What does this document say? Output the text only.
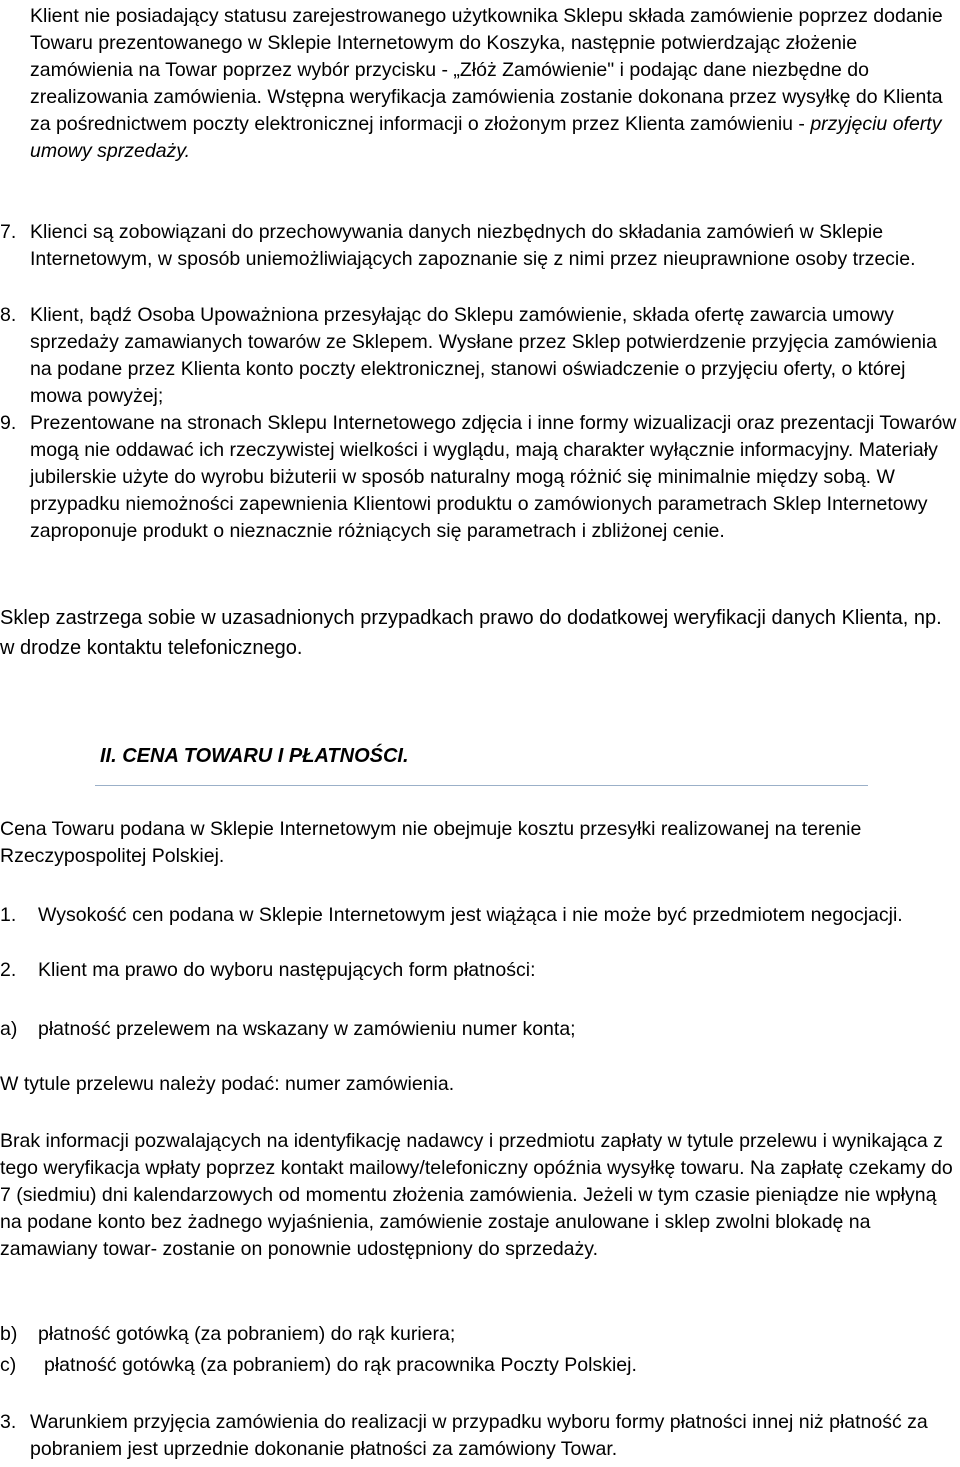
Klient nie posiadający statusu zarejestrowanego użytkownika Sklepu składa zamówienie poprzez dodanie Towaru prezentowanego w Sklepie Internetowym do Koszyka, następnie potwierdzając złożenie zamówienia na Towar poprzez wybór przycisku - „Złóż Zamówienie" i podając dane niezbędne do zrealizowania zamówienia. Wstępna weryfikacja zamówienia zostanie dokonana przez wysyłkę do Klienta za pośrednictwem poczty elektronicznej informacji o złożonym przez Klienta zamówieniu - przyjęciu oferty umowy sprzedaży.

7. Klienci są zobowiązani do przechowywania danych niezbędnych do składania zamówień w Sklepie Internetowym, w sposób uniemożliwiających zapoznanie się z nimi przez nieuprawnione osoby trzecie.
8. Klient, bądź Osoba Upoważniona przesyłając do Sklepu zamówienie, składa ofertę zawarcia umowy sprzedaży zamawianych towarów ze Sklepem. Wysłane przez Sklep potwierdzenie przyjęcia zamówienia na podane przez Klienta konto poczty elektronicznej, stanowi oświadczenie o przyjęciu oferty, o której mowa powyżej;
9. Prezentowane na stronach Sklepu Internetowego zdjęcia i inne formy wizualizacji oraz prezentacji Towarów mogą nie oddawać ich rzeczywistej wielkości i wyglądu, mają charakter wyłącznie informacyjny. Materiały jubilerskie użyte do wyrobu biżuterii w sposób naturalny mogą różnić się minimalnie między sobą. W przypadku niemożności zapewnienia Klientowi produktu o zamówionych parametrach Sklep Internetowy zaproponuje produkt o nieznacznie różniących się parametrach i zbliżonej cenie.

Sklep zastrzega sobie w uzasadnionych przypadkach prawo do dodatkowej weryfikacji danych Klienta, np. w drodze kontaktu telefonicznego.

II. CENA TOWARU I PŁATNOŚCI.

Cena Towaru podana w Sklepie Internetowym nie obejmuje kosztu przesyłki realizowanej na terenie Rzeczypospolitej Polskiej.

1. Wysokość cen podana w Sklepie Internetowym jest wiążąca i nie może być przedmiotem negocjacji.
2. Klient ma prawo do wyboru następujących form płatności:
a) płatność przelewem na wskazany w zamówieniu numer konta;

W tytule przelewu należy podać: numer zamówienia.

Brak informacji pozwalających na identyfikację nadawcy i przedmiotu zapłaty w tytule przelewu i wynikająca z tego weryfikacja wpłaty poprzez kontakt mailowy/telefoniczny opóźnia wysyłkę towaru. Na zapłatę czekamy do 7 (siedmiu) dni kalendarzowych od momentu złożenia zamówienia. Jeżeli w tym czasie pieniądze nie wpłyną na podane konto bez żadnego wyjaśnienia, zamówienie zostaje anulowane i sklep zwolni blokadę na zamawiany towar- zostanie on ponownie udostępniony do sprzedaży.

b) płatność gotówką (za pobraniem) do rąk kuriera;
c) płatność gotówką (za pobraniem) do rąk pracownika Poczty Polskiej.
3. Warunkiem przyjęcia zamówienia do realizacji w przypadku wyboru formy płatności innej niż płatność za pobraniem jest uprzednie dokonanie płatności za zamówiony Towar.
